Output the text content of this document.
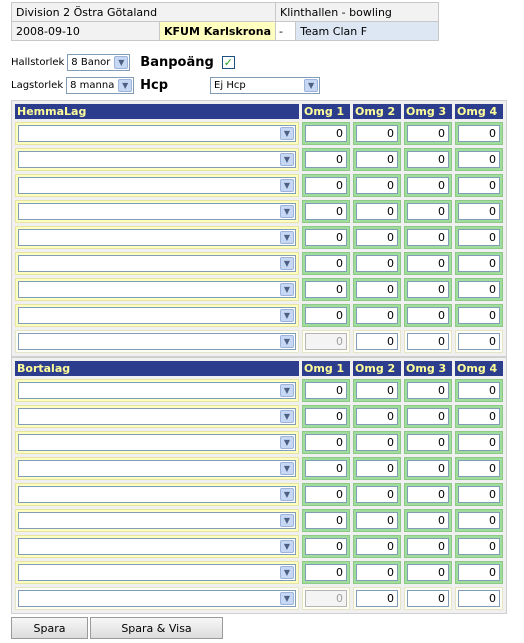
Division 2 Östra Götaland		Klinthallen - bowling	
2008-09-10	KFUM Karlskrona	-	Team Clan F
Hallstorlek 8 Banor ▼	Banpoäng ✓
Lagstorlek 8 manna ▼ Hcp	Ej Hcp	▼
HemmaLag	Omg 1	Omg 2	Omg 3	Omg 4

▼	0	0	0	0

▼	0	0	0	0

▼	0	0	0	0

▼	0	0	0	0

▼	0	0	0	0

▼	0	0	0	0

▼	0	0	0	0

▼	0	0	0	0

▼	0	0	0	0
Bortalag	Omg 1	Omg 2	Omg 3	Omg 4

▼	0	0	0	0

▼	0	0	0	0

▼	0	0	0	0

▼	0	0	0	0

▼	0	0	0	0

▼	0	0	0	0

▼	0	0	0	0

▼	0	0	0	0

▼	0	0	0	0
Spara	Spara & Visa
